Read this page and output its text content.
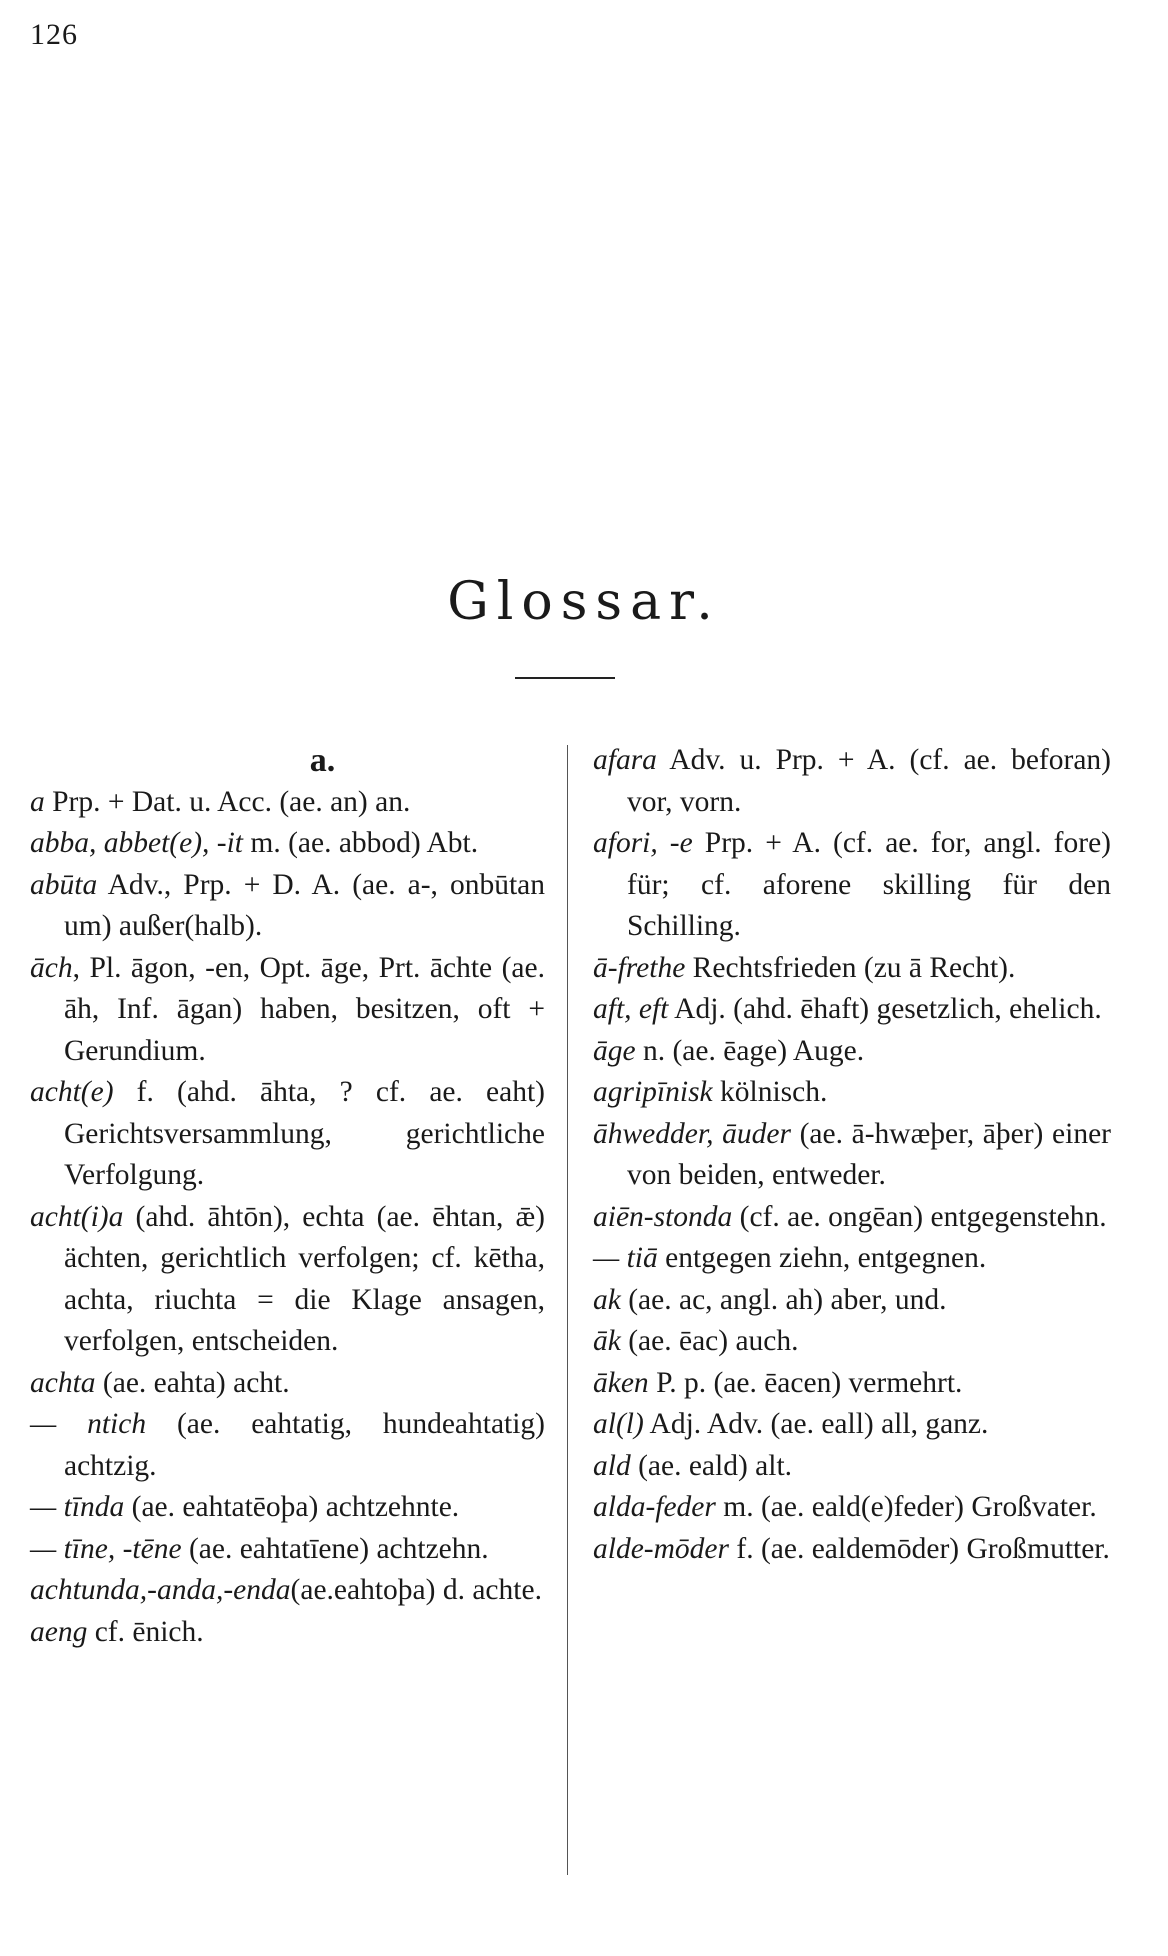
126
Glossar.
a.

a Prp. + Dat. u. Acc. (ae. an) an.

abba, abbet(e), -it m. (ae. abbod) Abt.

abūta Adv., Prp. + D. A. (ae. a-, onbūtan um) außer(halb).

āch, Pl. āgon, -en, Opt. āge, Prt. āchte (ae. āh, Inf. āgan) haben, besitzen, oft + Gerundium.

acht(e) f. (ahd. āhta, ? cf. ae. eaht) Gerichtsversammlung, gerichtliche Verfolgung.

acht(i)a (ahd. āhtōn), echta (ae. ēhtan, ǣ) ächten, gerichtlich verfolgen; cf. kētha, achta, riuchta = die Klage ansagen, verfolgen, entscheiden.

achta (ae. eahta) acht.

— ntich (ae. eahtatig, hundeahtatig) achtzig.

— tīnda (ae. eahtatēoþa) achtzehnte.

— tīne, -tēne (ae. eahtatīene) achtzehn.

achtunda,-anda,-enda(ae.eahtoþa) d. achte.

aeng cf. ēnich.

afara Adv. u. Prp. + A. (cf. ae. beforan) vor, vorn.

afori, -e Prp. + A. (cf. ae. for, angl. fore) für; cf. aforene skilling für den Schilling.

ā-frethe Rechtsfrieden (zu ā Recht).

aft, eft Adj. (ahd. ēhaft) gesetzlich, ehelich.

āge n. (ae. ēage) Auge.

agripīnisk kölnisch.

āhwedder, āuder (ae. ā-hwæþer, āþer) einer von beiden, entweder.

aiēn-stonda (cf. ae. ongēan) entgegenstehn.

— tiā entgegen ziehn, entgegnen.

ak (ae. ac, angl. ah) aber, und.

āk (ae. ēac) auch.

āken P. p. (ae. ēacen) vermehrt.

al(l) Adj. Adv. (ae. eall) all, ganz.

ald (ae. eald) alt.

alda-feder m. (ae. eald(e)feder) Großvater.

alde-mōder f. (ae. ealdemōder) Großmutter.
